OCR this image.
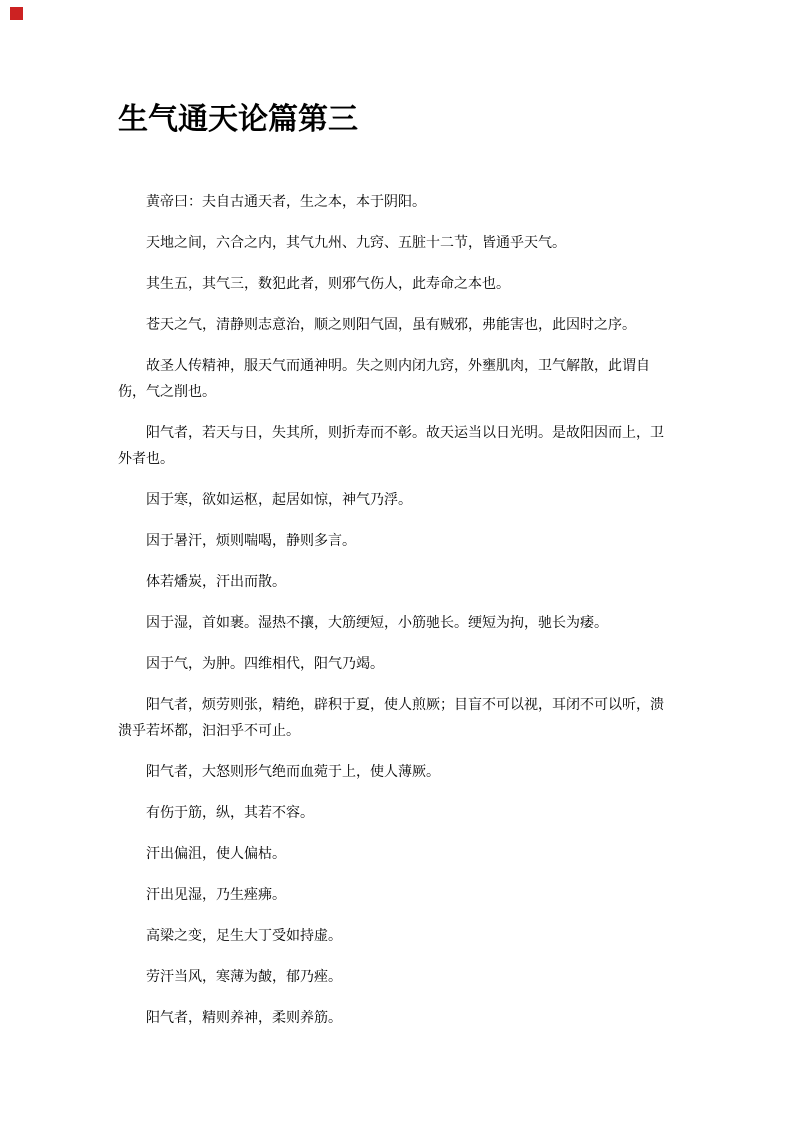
生气通天论篇第三

黄帝曰：夫自古通天者，生之本，本于阴阳。

天地之间，六合之内，其气九州、九窍、五脏十二节，皆通乎天气。

其生五，其气三，数犯此者，则邪气伤人，此寿命之本也。

苍天之气，清静则志意治，顺之则阳气固，虽有贼邪，弗能害也，此因时之序。

故圣人传精神，服天气而通神明。失之则内闭九窍，外壅肌肉，卫气解散，此谓自伤，气之削也。

阳气者，若天与日，失其所，则折寿而不彰。故天运当以日光明。是故阳因而上，卫外者也。

因于寒，欲如运枢，起居如惊，神气乃浮。

因于暑汗，烦则喘喝，静则多言。

体若燔炭，汗出而散。

因于湿，首如裹。湿热不攘，大筋绠短，小筋驰长。绠短为拘，驰长为痿。

因于气，为肿。四维相代，阳气乃竭。

阳气者，烦劳则张，精绝，辟积于夏，使人煎厥；目盲不可以视，耳闭不可以听，溃溃乎若坏都，汩汩乎不可止。

阳气者，大怒则形气绝而血菀于上，使人薄厥。

有伤于筋，纵，其若不容。

汗出偏沮，使人偏枯。

汗出见湿，乃生痤疿。

高梁之变，足生大丁受如持虚。

劳汗当风，寒薄为皶，郁乃痤。

阳气者，精则养神，柔则养筋。
